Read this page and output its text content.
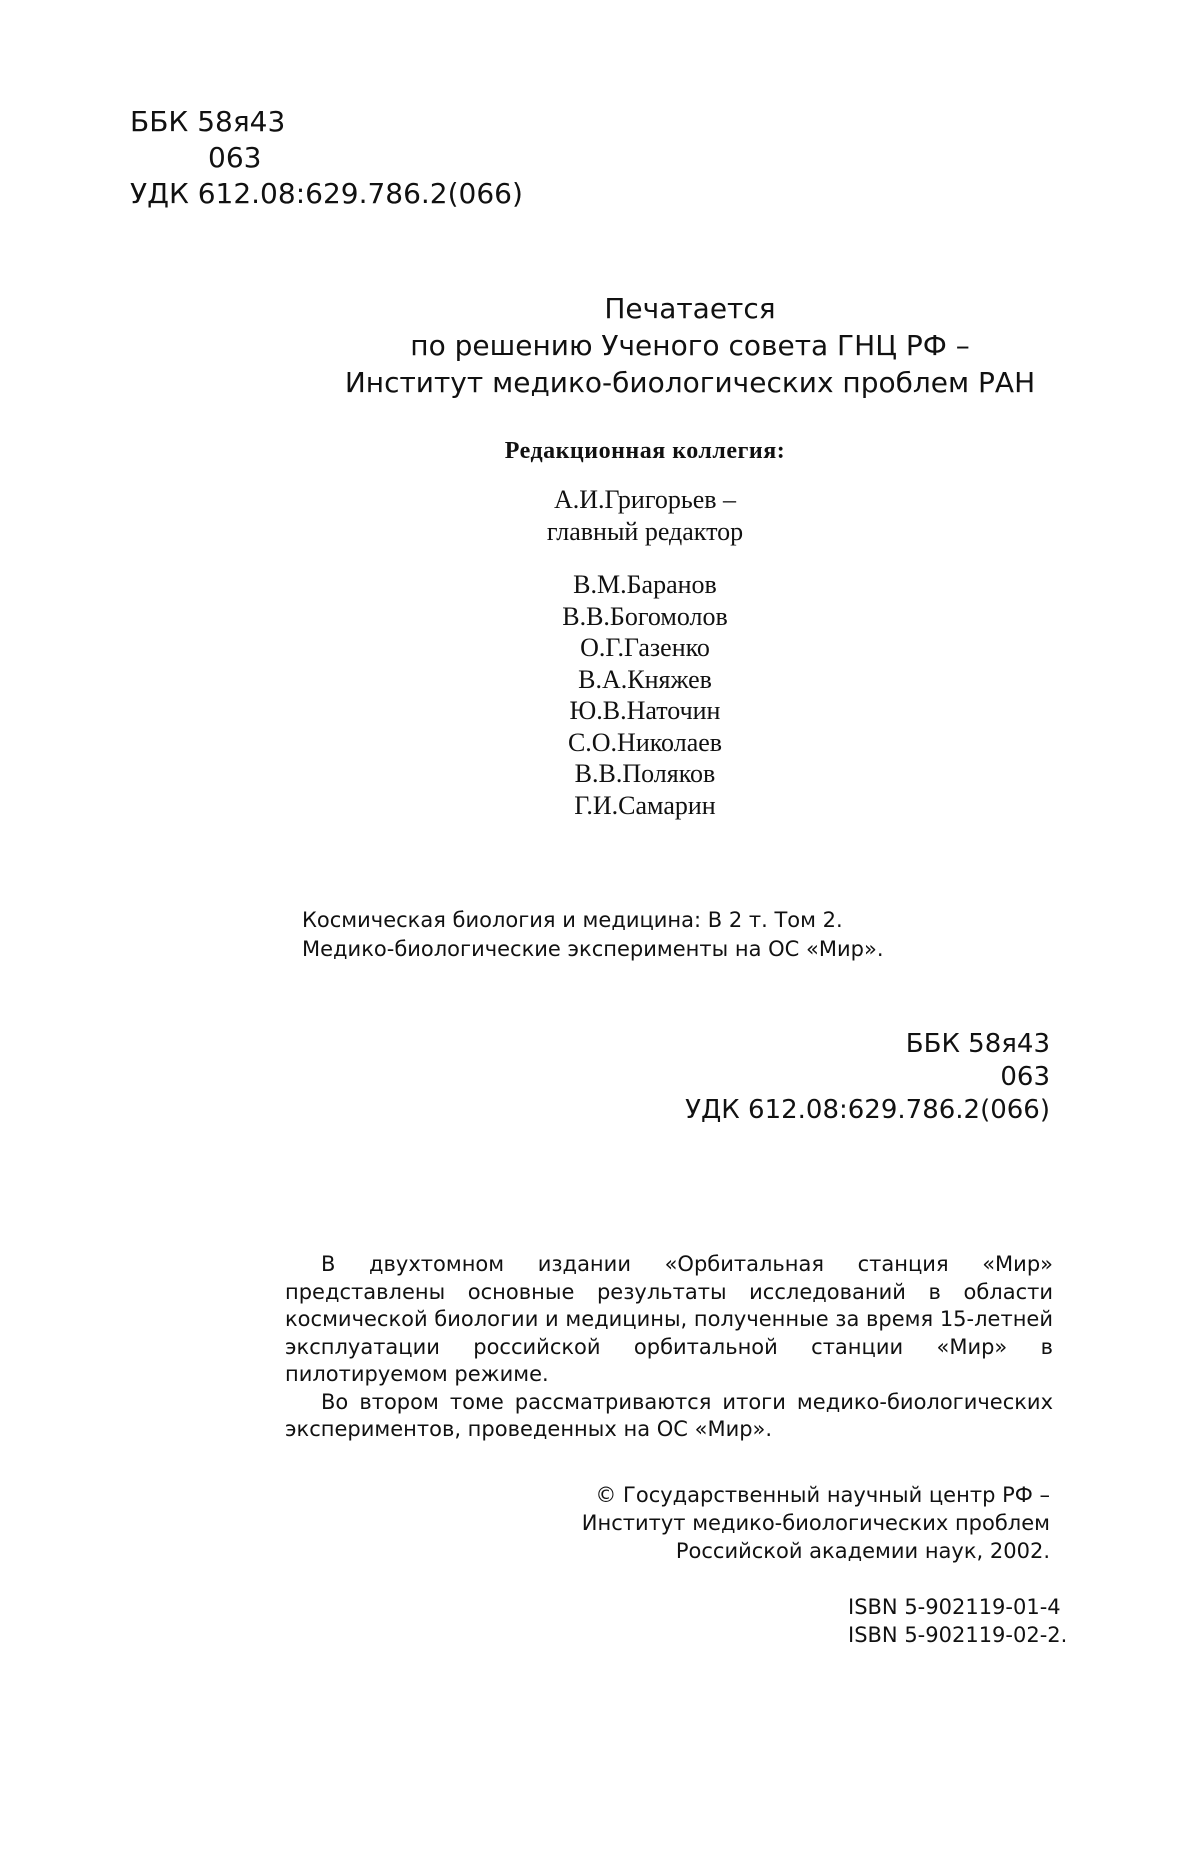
ББК 58я43
063
УДК 612.08:629.786.2(066)
Печатается
по решению Ученого совета ГНЦ РФ –
Институт медико-биологических проблем РАН
Редакционная коллегия:
А.И.Григорьев –
главный редактор
В.М.Баранов
В.В.Богомолов
О.Г.Газенко
В.А.Княжев
Ю.В.Наточин
С.О.Николаев
В.В.Поляков
Г.И.Самарин
Космическая биология и медицина: В 2 т. Том 2.
Медико-биологические эксперименты на ОС «Мир».
ББК 58я43
063
УДК 612.08:629.786.2(066)

В двухтомном издании «Орбитальная станция «Мир» представлены основные результаты исследований в области космической биологии и медицины, полученные за время 15-летней эксплуатации российской орбитальной станции «Мир» в пилотируемом режиме.

Во втором томе рассматриваются итоги медико-биологических экспериментов, проведенных на ОС «Мир».

© Государственный научный центр РФ –
Институт медико-биологических проблем
Российской академии наук, 2002.
ISBN 5-902119-01-4
ISBN 5-902119-02-2.
